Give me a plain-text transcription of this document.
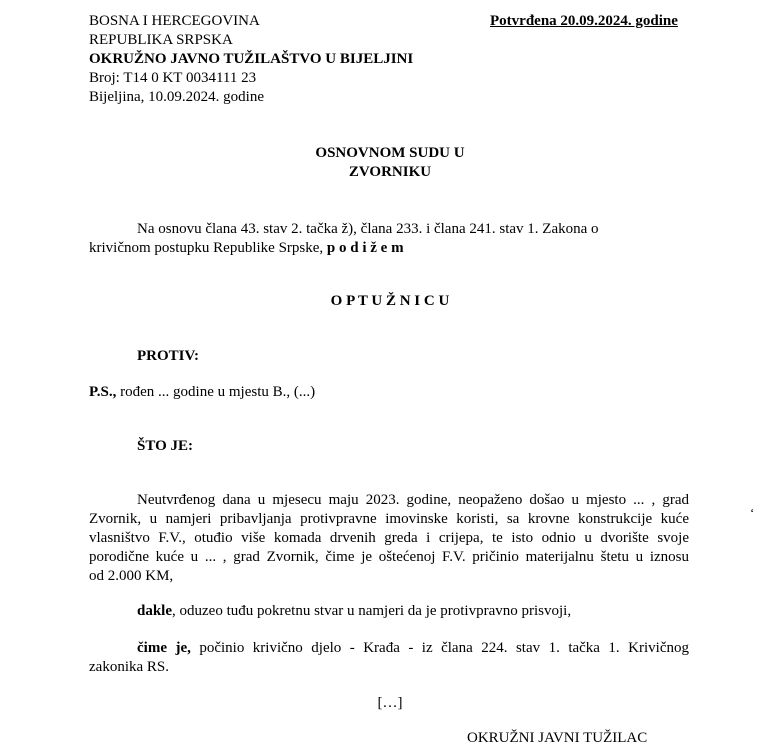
BOSNA I HERCEGOVINA
REPUBLIKA SRPSKA
OKRUŽNO JAVNO TUŽILAŠTVO U BIJELJINI
Broj: T14 0 KT 0034111 23
Bijeljina, 10.09.2024. godine
Potvrđena 20.09.2024. godine
OSNOVNOM SUDU U
ZVORNIKU
Na osnovu člana 43. stav 2. tačka ž), člana 233. i člana 241. stav 1. Zakona o
krivičnom postupku Republike Srpske, p o d i ž e m
O P T U Ž N I C U
PROTIV:
P.S., rođen ... godine u mjestu B., (...)
ŠTO JE:
Neutvrđenog dana u mjesecu maju 2023. godine, neopaženo došao u mjesto ... , grad
Zvornik, u namjeri pribavljanja protivpravne imovinske koristi, sa krovne konstrukcije kuće
vlasništvo F.V., otuđio više komada drvenih greda i crijepa, te isto odnio u dvorište svoje
porodične kuće u ... , grad Zvornik, čime je oštećenoj F.V. pričinio materijalnu štetu u iznosu
od 2.000 KM,
dakle, oduzeo tuđu pokretnu stvar u namjeri da je protivpravno prisvoji,
čime je, počinio krivično djelo - Krađa - iz člana 224. stav 1. tačka 1. Krivičnog
zakonika RS.
[…]
OKRUŽNI JAVNI TUŽILAC
‘
